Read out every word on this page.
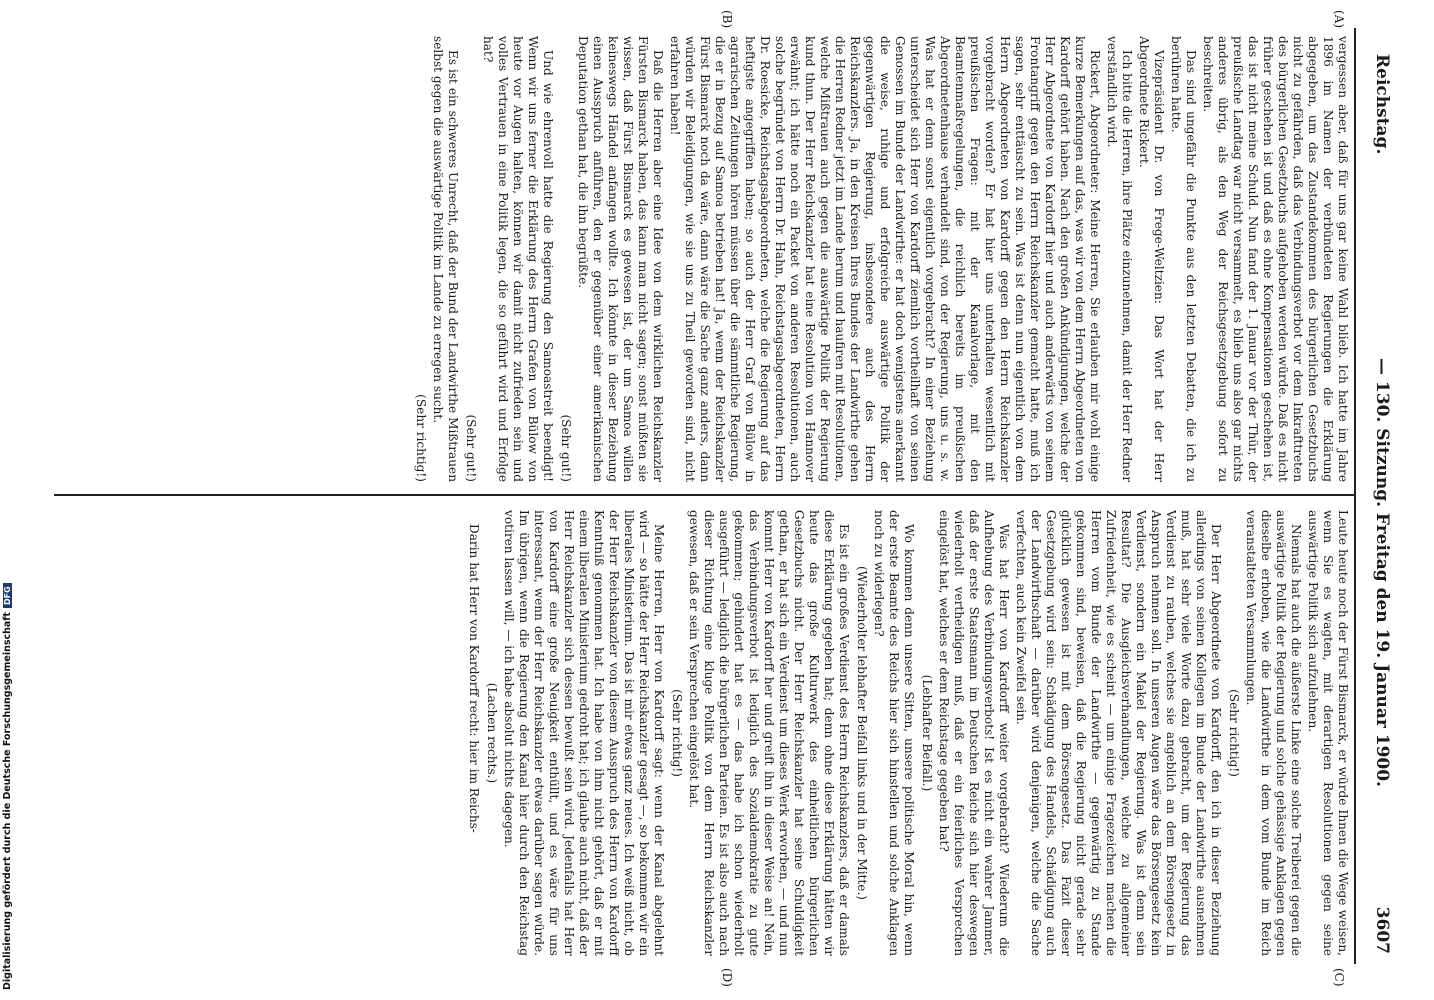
Reichstag.
— 130. Sitzung. Freitag den 19. Januar 1900.
3607
(A)
(B)
(C)
(D)

vergessen aber, daß für uns gar keine Wahl blieb. Ich hatte im Jahre 1896 im Namen der verbündeten Regierungen die Erklärung abgegeben, um das Zustandekommen des bürgerlichen Gesetzbuchs nicht zu gefährden, daß das Verbindungsverbot vor dem Inkrafttreten des bürgerlichen Gesetzbuchs aufgehoben werden würde. Daß es nicht früher geschehen ist und daß es ohne Kompensationen geschehen ist, das ist nicht meine Schuld. Nun fand der 1. Januar vor der Thür, der preußische Landtag war nicht versammelt, es blieb uns also gar nichts anderes übrig, als den Weg der Reichsgesetzgebung sofort zu beschreiten.

Das sind ungefähr die Punkte aus den letzten Debatten, die ich zu berühren hatte.

Vizepräsident Dr. von Frege-Weltzien: Das Wort hat der Herr Abgeordnete Rickert.

Ich bitte die Herren, ihre Plätze einzunehmen, damit der Herr Redner verständlich wird.

Rickert, Abgeordneter: Meine Herren, Sie erlauben mir wohl einige kurze Bemerkungen auf das, was wir von dem Herrn Abgeordneten von Kardorff gehört haben. Nach den großen Ankündigungen, welche der Herr Abgeordnete von Kardorff hier und auch anderwärts von seinem Frontangriff gegen den Herrn Reichskanzler gemacht hatte, muß ich sagen, sehr enttäuscht zu sein. Was ist denn nun eigentlich von dem Herrn Abgeordneten von Kardorff gegen den Herrn Reichskanzler vorgebracht worden? Er hat hier uns unterhalten wesentlich mit preußischen Fragen: mit der Kanalvorlage, mit den Beamtenmaßregelungen, die reichlich bereits im preußischen Abgeordnetenhause verhandelt sind, von der Regierung, uns u. s. w. Was hat er denn sonst eigentlich vorgebracht? In einer Beziehung unterscheidet sich Herr von Kardorff ziemlich vortheilhaft von seinen Genossen im Bunde der Landwirthe: er hat doch wenigstens anerkannt die weise, ruhige und erfolgreiche auswärtige Politik der gegenwärtigen Regierung, insbesondere auch des Herrn Reichskanzlers. Ja, in den Kreisen Ihres Bundes der Landwirthe gehen die Herren Redner jetzt im Lande herum und haufiren mit Resolutionen, welche Mißtrauen auch gegen die auswärtige Politik der Regierung kund thun. Der Herr Reichskanzler hat eine Resolution von Hannover erwähnt; ich hätte noch ein Packet von anderen Resolutionen, auch solche begründet von Herrn Dr. Hahn, Reichstagsabgeordneten, Herrn Dr. Roesicke, Reichstagsabgeordneten, welche die Regierung auf das heftigste angegriffen haben; so auch der Herr Graf von Bülow in agrarischen Zeitungen hören müssen über die sämmtliche Regierung, die er in Bezug auf Samoa betrieben hat! Ja, wenn der Reichskanzler Fürst Bismarck noch da wäre, dann wäre die Sache ganz anders, dann würden wir Beleidigungen, wie sie uns zu Theil geworden sind, nicht erfahren haben!

Daß die Herren aber eine Idee von dem wirklichen Reichskanzler Fürsten Bismarck haben, das kann man nicht sagen; sonst müßten sie wissen, daß Fürst Bismarck es gewesen ist, der um Samoa willen keineswegs Händel anfangen wollte. Ich könnte in dieser Beziehung einen Ausspruch anführen, den er gegenüber einer amerikanischen Deputation gethan hat, die ihn begrüßte.

(Sehr gut!)

Und wie ehrenvoll hatte die Regierung den Samoastreit beendigt! Wenn wir uns ferner die Erklärung des Herrn Grafen von Bülow von heute vor Augen halten, können wir damit nicht zufrieden sein und volles Vertrauen in eine Politik legen, die so geführt wird und Erfolge hat?

(Sehr gut!)

Es ist ein schweres Unrecht, daß der Bund der Landwirthe Mißtrauen selbst gegen die auswärtige Politik im Lande zu erregen sucht.

(Sehr richtig!)

Leute heute noch der Fürst Bismarck, er würde Ihnen die Wege weisen, wenn Sie es wagten, mit derartigen Resolutionen gegen seine auswärtige Politik sich aufzulehnen.

Niemals hat auch die äußerste Linke eine solche Treiberei gegen die auswärtige Politik der Regierung und solche gehässige Anklagen gegen dieselbe erhoben, wie die Landwirthe in dem vom Bunde im Reich veranstalteten Versammlungen.

(Sehr richtig!)

Der Herr Abgeordnete von Kardorff, den ich in dieser Beziehung allerdings von seinen Kollegen im Bunde der Landwirthe ausnehmen muß, hat sehr viele Worte dazu gebracht, um der Regierung das Verdienst zu rauben, welches sie angeblich an dem Börsengesetz in Anspruch nehmen soll. In unseren Augen wäre das Börsengesetz kein Verdienst, sondern ein Makel der Regierung. Was ist denn sein Resultat? Die Ausgleichsverhandlungen, welche zu allgemeiner Zufriedenheit, wie es scheint — um einige Fragezeichen machen die Herren vom Bunde der Landwirthe — gegenwärtig zu Stande gekommen sind, beweisen, daß die Regierung nicht gerade sehr glücklich gewesen ist mit dem Börsengesetz. Das Fazit dieser Gesetzgebung wird sein: Schädigung des Handels, Schädigung auch der Landwirthschaft — darüber wird denjenigen, welche die Sache verfechten, auch kein Zweifel sein.

Was hat Herr von Kardorff weiter vorgebracht? Wiederum die Aufhebung des Verbindungsverbots! Ist es nicht ein wahrer Jammer, daß der erste Staatsmann im Deutschen Reiche sich hier deswegen wiederholt vertheidigen muß, daß er ein feierliches Versprechen eingelöst hat, welches er dem Reichstage gegeben hat?

(Lebhafter Beifall.)

Wo kommen denn unsere Sitten, unsere politische Moral hin, wenn der erste Beamte des Reichs hier sich hinstellen und solche Anklagen noch zu widerlegen?

(Wiederholter lebhafter Beifall links und in der Mitte.)

Es ist ein großes Verdienst des Herrn Reichskanzlers, daß er damals diese Erklärung gegeben hat; denn ohne diese Erklärung hätten wir heute das große Kulturwerk des einheitlichen bürgerlichen Gesetzbuchs nicht. Der Herr Reichskanzler hat seine Schuldigkeit gethan, er hat sich ein Verdienst um dieses Werk erworben, — und nun kommt Herr von Kardorff her und greift ihn in dieser Weise an! Nein, das Verbindungsverbot ist lediglich des Sozialdemokratie zu gute gekommen; gehindert hat es — das habe ich schon wiederholt ausgeführt — lediglich die bürgerlichen Parteien. Es ist also auch nach dieser Richtung eine kluge Politik von dem Herrn Reichskanzler gewesen, daß er sein Versprechen eingelöst hat.

(Sehr richtig!)

Meine Herren, Herr von Kardorff sagt: wenn der Kanal abgelehnt wird — so hätte der Herr Reichskanzler gesagt —, so bekommen wir ein liberales Ministerium. Das ist mir etwas ganz neues. Ich weiß nicht, ob der Herr Reichskanzler von diesem Ausspruch des Herrn von Kardorff Kenntniß genommen hat. Ich habe von ihm nicht gehört, daß er mit einem liberalen Ministerium gedroht hat; ich glaube auch nicht, daß der Herr Reichskanzler sich dessen bewußt sein wird. Jedenfalls hat Herr von Kardorff eine große Neuigkeit enthüllt, und es wäre für uns interessant, wenn der Herr Reichskanzler etwas darüber sagen würde. Im übrigen, wenn die Regierung den Kanal hier durch den Reichstag votiren lassen will, — ich habe absolut nichts dagegen.

(Lachen rechts.)

Darin hat Herr von Kardorff recht: hier im Reichs-

Digitalisierung gefördert durch die Deutsche ForschungsgemeinschaftDFG
